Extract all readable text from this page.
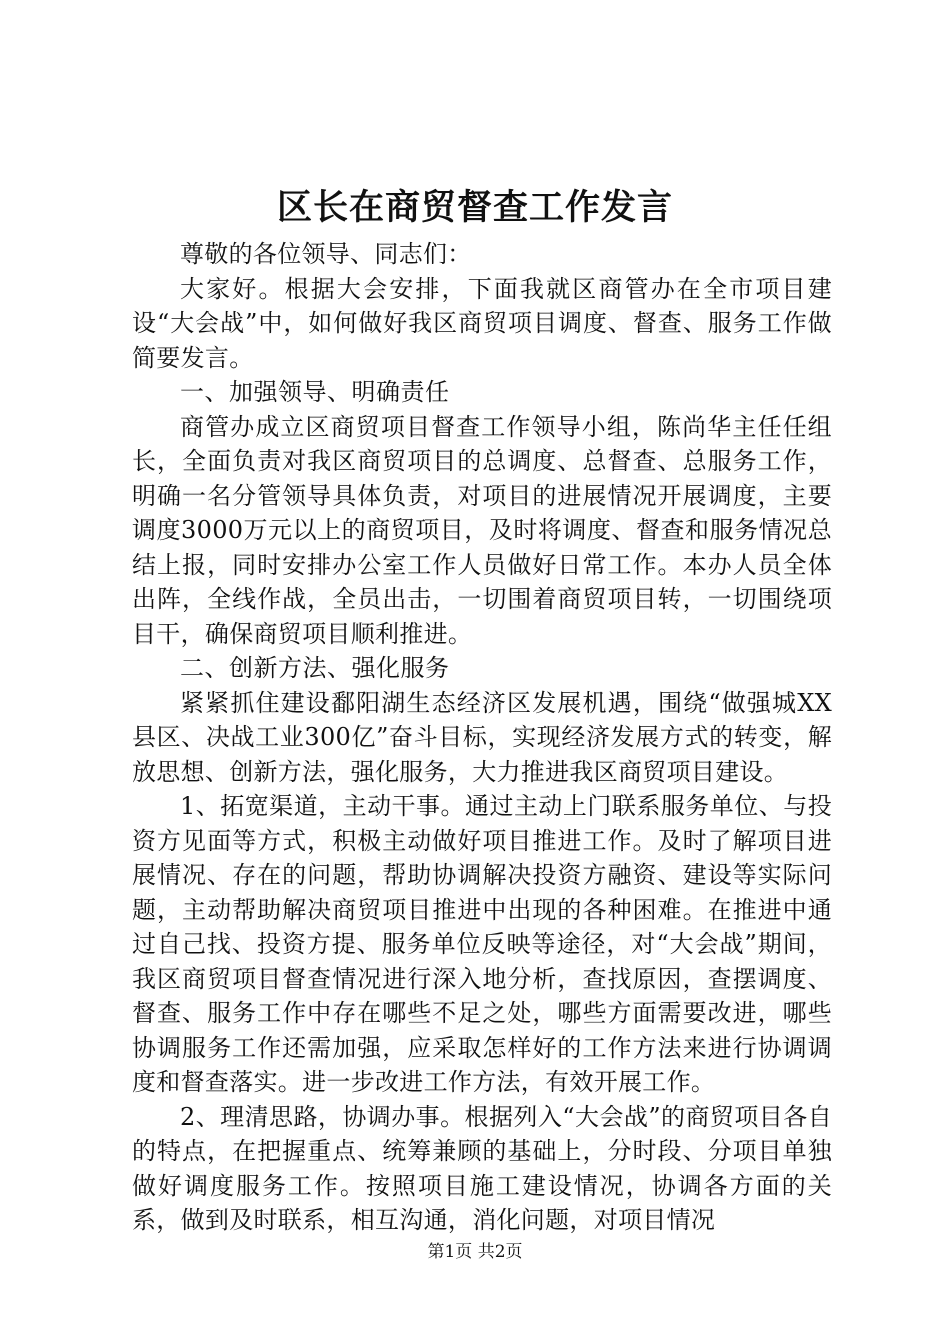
区长在商贸督查工作发言

尊敬的各位领导、同志们：

大家好。根据大会安排，下面我就区商管办在全市项目建设“大会战”中，如何做好我区商贸项目调度、督查、服务工作做简要发言。

一、加强领导、明确责任

商管办成立区商贸项目督查工作领导小组，陈尚华主任任组长，全面负责对我区商贸项目的总调度、总督查、总服务工作，明确一名分管领导具体负责，对项目的进展情况开展调度，主要调度3000万元以上的商贸项目，及时将调度、督查和服务情况总结上报，同时安排办公室工作人员做好日常工作。本办人员全体出阵，全线作战，全员出击，一切围着商贸项目转，一切围绕项目干，确保商贸项目顺利推进。

二、创新方法、强化服务

紧紧抓住建设鄱阳湖生态经济区发展机遇，围绕“做强城XX县区、决战工业300亿”奋斗目标，实现经济发展方式的转变，解放思想、创新方法，强化服务，大力推进我区商贸项目建设。

1、拓宽渠道，主动干事。通过主动上门联系服务单位、与投资方见面等方式，积极主动做好项目推进工作。及时了解项目进展情况、存在的问题，帮助协调解决投资方融资、建设等实际问题，主动帮助解决商贸项目推进中出现的各种困难。在推进中通过自己找、投资方提、服务单位反映等途径，对“大会战”期间，我区商贸项目督查情况进行深入地分析，查找原因，查摆调度、督查、服务工作中存在哪些不足之处，哪些方面需要改进，哪些协调服务工作还需加强，应采取怎样好的工作方法来进行协调调度和督查落实。进一步改进工作方法，有效开展工作。

2、理清思路，协调办事。根据列入“大会战”的商贸项目各自的特点，在把握重点、统筹兼顾的基础上，分时段、分项目单独做好调度服务工作。按照项目施工建设情况，协调各方面的关系，做到及时联系，相互沟通，消化问题，对项目情况

第1页 共2页
